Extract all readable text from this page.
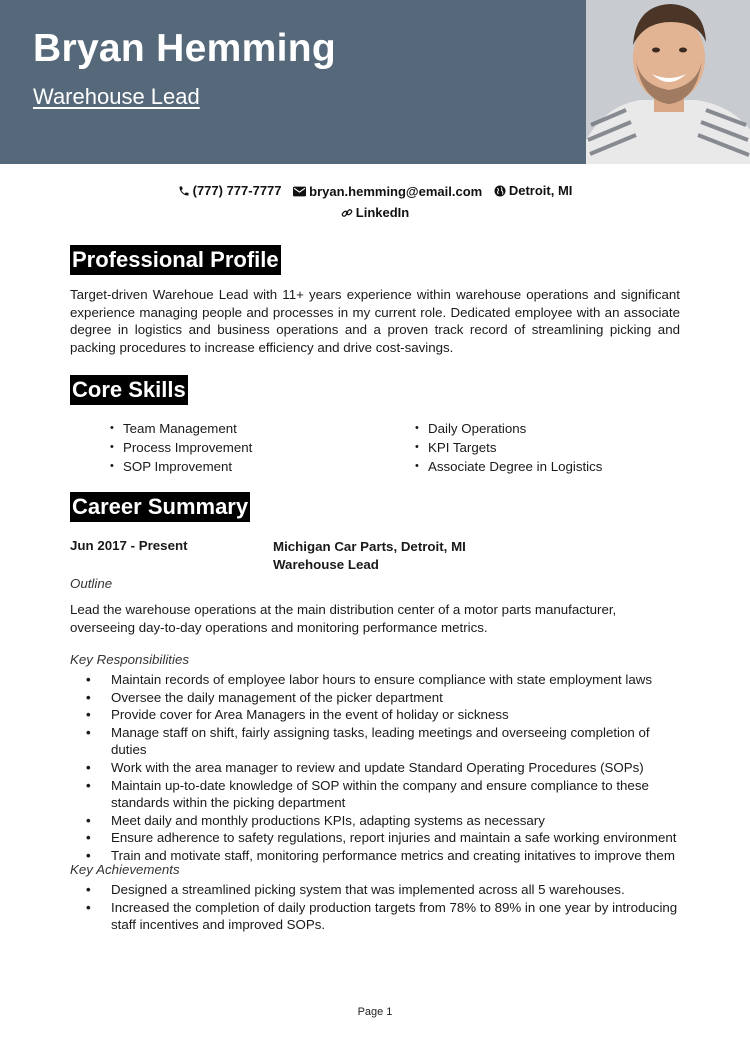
Bryan Hemming
Warehouse Lead
(777) 777-7777
bryan.hemming@email.com
Detroit, MI
LinkedIn
Professional Profile

Target-driven Warehoue Lead with 11+ years experience within warehouse operations and significant experience managing people and processes in my current role. Dedicated employee with an associate degree in logistics and business operations and a proven track record of streamlining picking and packing procedures to increase efficiency and drive cost-savings.

Core Skills
• Team Management
• Process Improvement
• SOP Improvement
• Daily Operations
• KPI Targets
• Associate Degree in Logistics
Career Summary
Jun 2017 - Present	Michigan Car Parts, Detroit, MI
Warehouse Lead
Outline

Lead the warehouse operations at the main distribution center of a motor parts manufacturer, overseeing day-to-day operations and monitoring performance metrics.

Key Responsibilities
• Maintain records of employee labor hours to ensure compliance with state employment laws
• Oversee the daily management of the picker department
• Provide cover for Area Managers in the event of holiday or sickness
• Manage staff on shift, fairly assigning tasks, leading meetings and overseeing completion of duties
• Work with the area manager to review and update Standard Operating Procedures (SOPs)
• Maintain up-to-date knowledge of SOP within the company and ensure compliance to these standards within the picking department
• Meet daily and monthly productions KPIs, adapting systems as necessary
• Ensure adherence to safety regulations, report injuries and maintain a safe working environment
• Train and motivate staff, monitoring performance metrics and creating initatives to improve them
Key Achievements
• Designed a streamlined picking system that was implemented across all 5 warehouses.
• Increased the completion of daily production targets from 78% to 89% in one year by introducing staff incentives and improved SOPs.
Page 1
